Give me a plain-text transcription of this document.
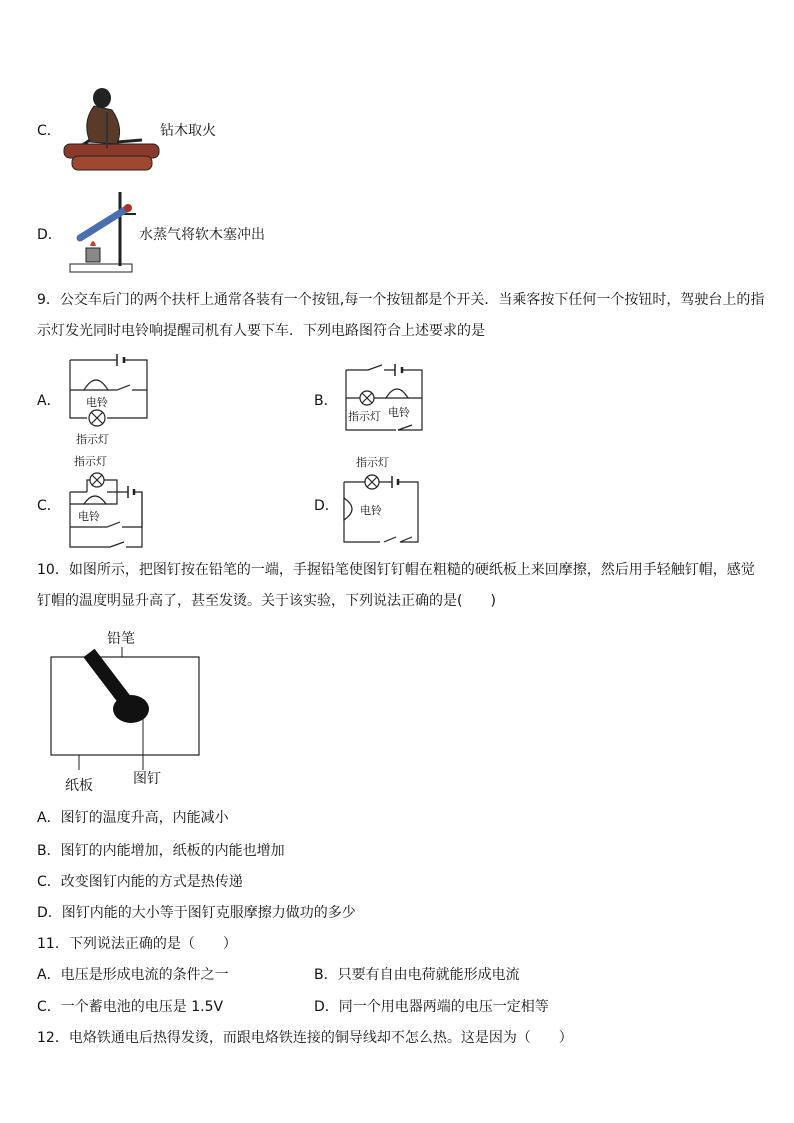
C．	钻木取火
D．	水蒸气将软木塞冲出
9．公交车后门的两个扶杆上通常各装有一个按钮,每一个按钮都是个开关．当乘客按下任何一个按钮时，驾驶台上的指
示灯发光同时电铃响提醒司机有人要下车．下列电路图符合上述要求的是
A． 电铃
指示灯
B．
指示灯 电铃
C．
指示灯
电铃
D．
指示灯
电铃
10．如图所示，把图钉按在铅笔的一端，手握铅笔使图钉钉帽在粗糙的硬纸板上来回摩擦，然后用手轻触钉帽，感觉
钉帽的温度明显升高了，甚至发烫。关于该实验，下列说法正确的是(　　)
铅笔
纸板	图钉
A．图钉的温度升高，内能减小
B．图钉的内能增加，纸板的内能也增加
C．改变图钉内能的方式是热传递
D．图钉内能的大小等于图钉克服摩擦力做功的多少
11．下列说法正确的是（　　）
A．电压是形成电流的条件之一	B．只要有自由电荷就能形成电流
C．一个蓄电池的电压是 1.5V	D．同一个用电器两端的电压一定相等
12．电烙铁通电后热得发烫，而跟电烙铁连接的铜导线却不怎么热。这是因为（　　）
